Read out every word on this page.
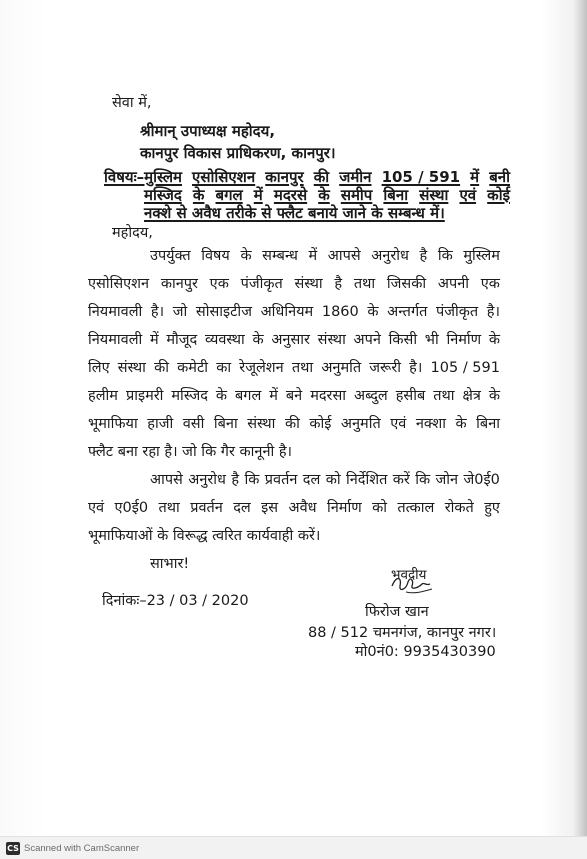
सेवा में,
श्रीमान् उपाध्यक्ष महोदय,
कानपुर विकास प्राधिकरण, कानपुर।
विषयः–मुस्लिम एसोसिएशन कानपुर की जमीन 105 / 591 में बनी
मस्जिद के बगल में मदरसे के समीप बिना संस्था एवं कोई
नक्शे से अवैध तरीके से फ्लैट बनाये जाने के सम्बन्ध में।
महोदय,
उपर्युक्त विषय के सम्बन्ध में आपसे अनुरोध है कि मुस्लिम
एसोसिएशन कानपुर एक पंजीकृत संस्था है तथा जिसकी अपनी एक
नियमावली है। जो सोसाइटीज अधिनियम 1860 के अन्तर्गत पंजीकृत है।
नियमावली में मौजूद व्यवस्था के अनुसार संस्था अपने किसी भी निर्माण के
लिए संस्था की कमेटी का रेजूलेशन तथा अनुमति जरूरी है। 105 / 591
हलीम प्राइमरी मस्जिद के बगल में बने मदरसा अब्दुल हसीब तथा क्षेत्र के
भूमाफिया हाजी वसी बिना संस्था की कोई अनुमति एवं नक्शा के बिना
फ्लैट बना रहा है। जो कि गैर कानूनी है।
आपसे अनुरोध है कि प्रवर्तन दल को निर्देशित करें कि जोन जे0ई0
एवं ए0ई0 तथा प्रवर्तन दल इस अवैध निर्माण को तत्काल रोकते हुए
भूमाफियाओं के विरूद्ध त्वरित कार्यवाही करें।
साभार!
भवदीय
फिरोज खान
दिनांकः–23 / 03 / 2020
88 / 512 चमनगंज, कानपुर नगर।
मो0नं0: 9935430390
CS Scanned with CamScanner
